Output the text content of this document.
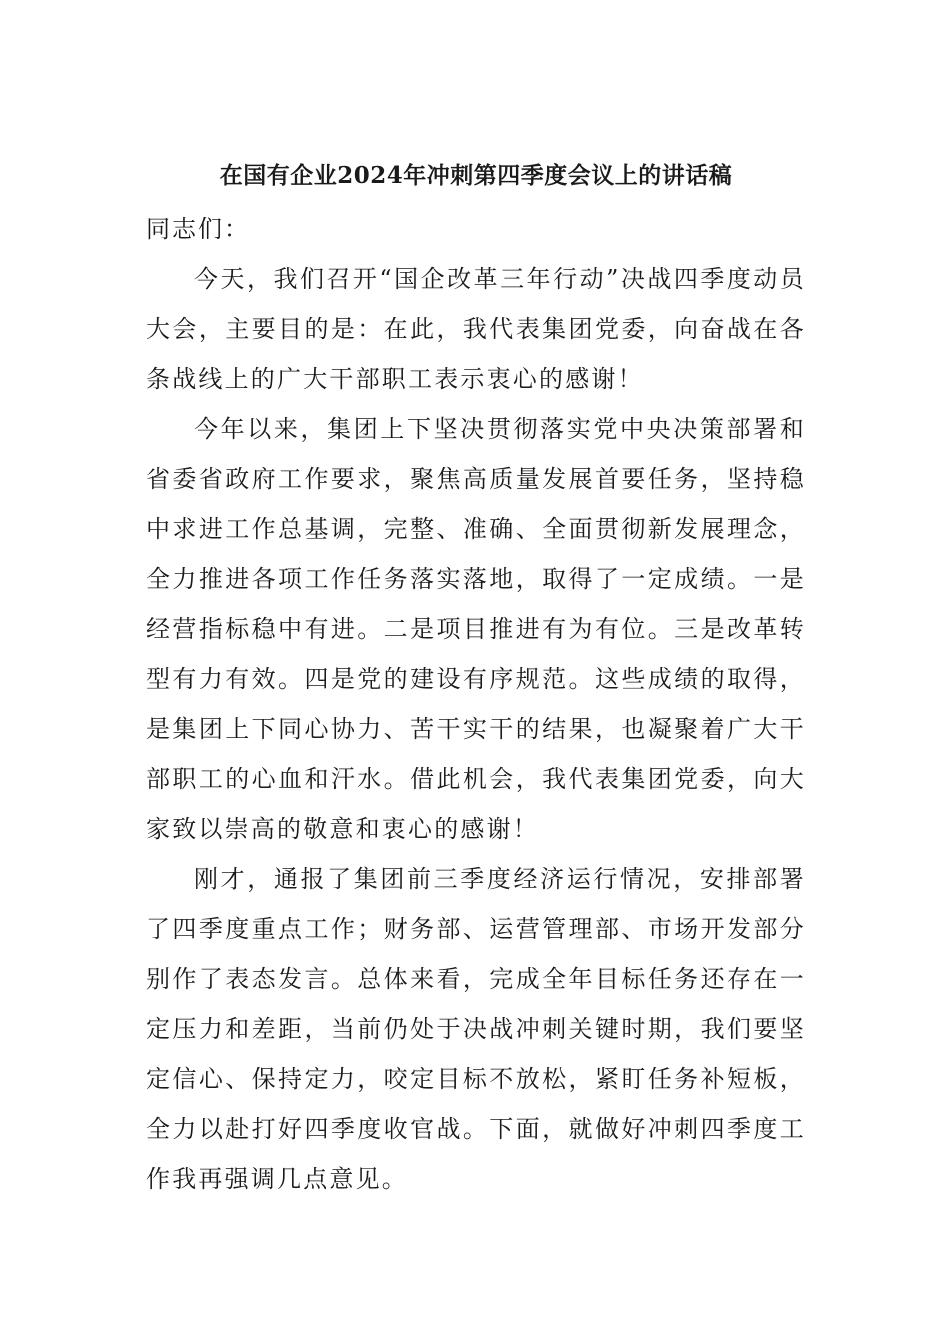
在国有企业2024年冲刺第四季度会议上的讲话稿

同志们：

今天，我们召开“国企改革三年行动”决战四季度动员大会，主要目的是：在此，我代表集团党委，向奋战在各条战线上的广大干部职工表示衷心的感谢！

今年以来，集团上下坚决贯彻落实党中央决策部署和省委省政府工作要求，聚焦高质量发展首要任务，坚持稳中求进工作总基调，完整、准确、全面贯彻新发展理念，全力推进各项工作任务落实落地，取得了一定成绩。一是经营指标稳中有进。二是项目推进有为有位。三是改革转型有力有效。四是党的建设有序规范。这些成绩的取得，是集团上下同心协力、苦干实干的结果，也凝聚着广大干部职工的心血和汗水。借此机会，我代表集团党委，向大家致以崇高的敬意和衷心的感谢！

刚才，通报了集团前三季度经济运行情况，安排部署了四季度重点工作；财务部、运营管理部、市场开发部分别作了表态发言。总体来看，完成全年目标任务还存在一定压力和差距，当前仍处于决战冲刺关键时期，我们要坚定信心、保持定力，咬定目标不放松，紧盯任务补短板，全力以赴打好四季度收官战。下面，就做好冲刺四季度工作我再强调几点意见。
